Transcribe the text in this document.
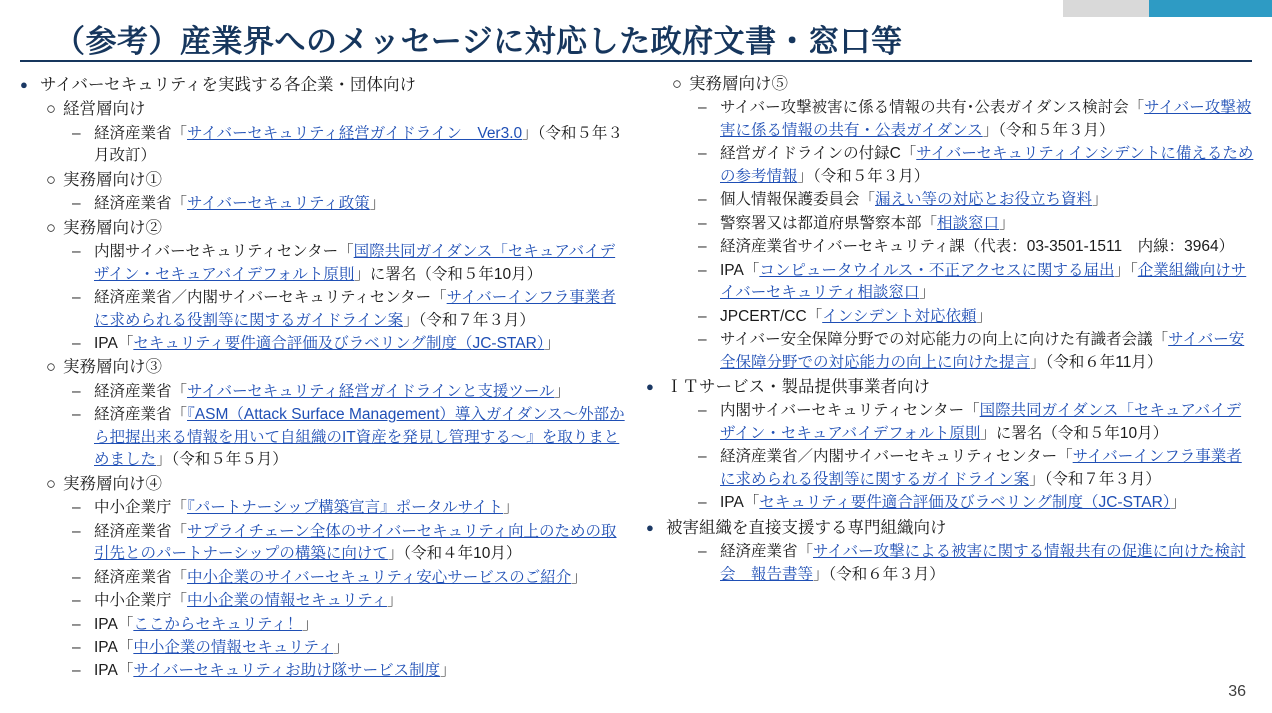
（参考）産業界へのメッセージに対応した政府文書・窓口等
● サイバーセキュリティを実践する各企業・団体向け
○ 経営層向け
– 経済産業省「サイバーセキュリティ経営ガイドライン　Ver3.0」（令和５年３月改訂）
○ 実務層向け①
– 経済産業省「サイバーセキュリティ政策」
○ 実務層向け②
– 内閣サイバーセキュリティセンター「国際共同ガイダンス「セキュアバイデザイン・セキュアバイデフォルト原則」に署名（令和５年10月）
– 経済産業省／内閣サイバーセキュリティセンター「サイバーインフラ事業者に求められる役割等に関するガイドライン案」（令和７年３月）
– IPA「セキュリティ要件適合評価及びラベリング制度（JC-STAR）」
○ 実務層向け③
– 経済産業省「サイバーセキュリティ経営ガイドラインと支援ツール」
– 経済産業省「『ASM（Attack Surface Management）導入ガイダンス～外部から把握出来る情報を用いて自組織のIT資産を発見し管理する～』を取りまとめました」（令和５年５月）
○ 実務層向け④
– 中小企業庁「『パートナーシップ構築宣言』ポータルサイト」
– 経済産業省「サプライチェーン全体のサイバーセキュリティ向上のための取引先とのパートナーシップの構築に向けて」（令和４年10月）
– 経済産業省「中小企業のサイバーセキュリティ安心サービスのご紹介」
– 中小企業庁「中小企業の情報セキュリティ」
– IPA「ここからセキュリティ！」
– IPA「中小企業の情報セキュリティ」
– IPA「サイバーセキュリティお助け隊サービス制度」
○ 実務層向け⑤
– サイバー攻撃被害に係る情報の共有･公表ガイダンス検討会「サイバー攻撃被害に係る情報の共有・公表ガイダンス」（令和５年３月）
– 経営ガイドラインの付録C「サイバーセキュリティインシデントに備えるための参考情報」（令和５年３月）
– 個人情報保護委員会「漏えい等の対応とお役立ち資料」
– 警察署又は都道府県警察本部「相談窓口」
– 経済産業省サイバーセキュリティ課（代表：03-3501-1511　内線：3964）
– IPA「コンピュータウイルス・不正アクセスに関する届出」「企業組織向けサイバーセキュリティ相談窓口」
– JPCERT/CC「インシデント対応依頼」
– サイバー安全保障分野での対応能力の向上に向けた有識者会議「サイバー安全保障分野での対応能力の向上に向けた提言」（令和６年11月）
● ＩＴサービス・製品提供事業者向け
– 内閣サイバーセキュリティセンター「国際共同ガイダンス「セキュアバイデザイン・セキュアバイデフォルト原則」に署名（令和５年10月）
– 経済産業省／内閣サイバーセキュリティセンター「サイバーインフラ事業者に求められる役割等に関するガイドライン案」（令和７年３月）
– IPA「セキュリティ要件適合評価及びラベリング制度（JC-STAR）」
● 被害組織を直接支援する専門組織向け
– 経済産業省「サイバー攻撃による被害に関する情報共有の促進に向けた検討会　報告書等」（令和６年３月）
36
